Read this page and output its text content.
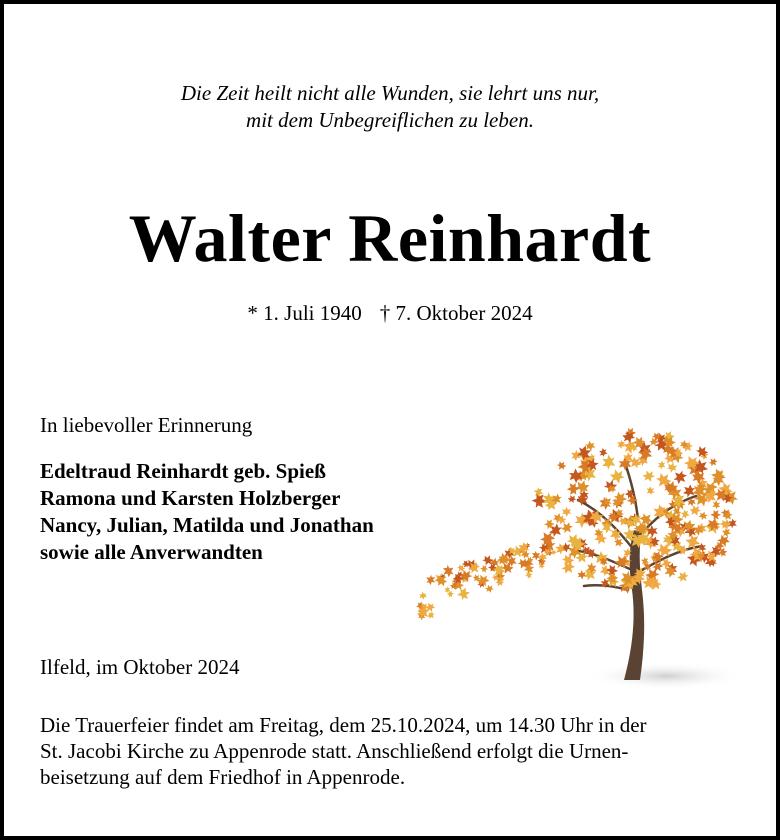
Die Zeit heilt nicht alle Wunden, sie lehrt uns nur,
mit dem Unbegreiflichen zu leben.
Walter Reinhardt
* 1. Juli 1940 † 7. Oktober 2024
In liebevoller Erinnerung
Edeltraud Reinhardt geb. Spieß
Ramona und Karsten Holzberger
Nancy, Julian, Matilda und Jonathan
sowie alle Anverwandten
Ilfeld, im Oktober 2024
Die Trauerfeier findet am Freitag, dem 25.10.2024, um 14.30 Uhr in der
St. Jacobi Kirche zu Appenrode statt. Anschließend erfolgt die Urnen-
beisetzung auf dem Friedhof in Appenrode.
